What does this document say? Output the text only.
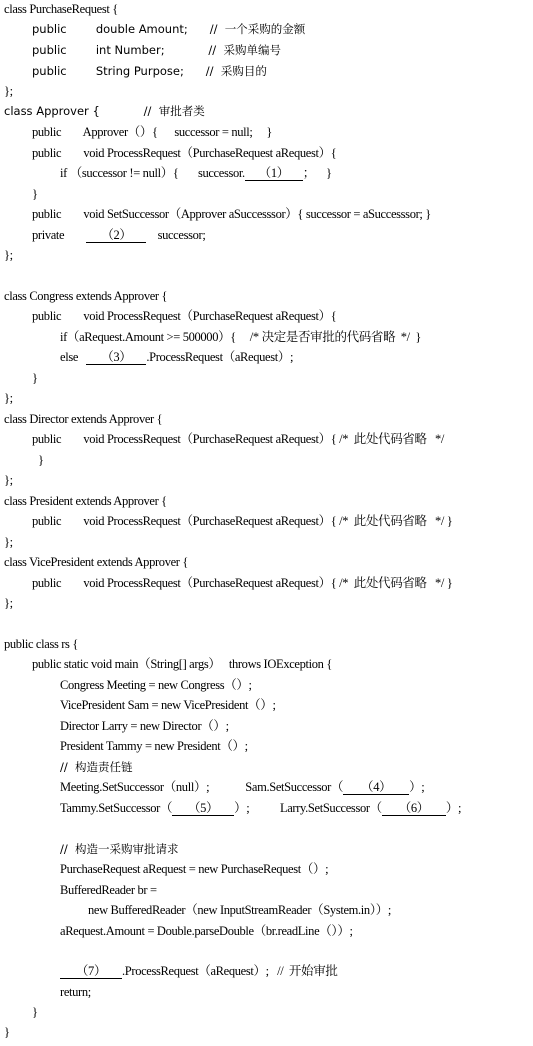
class PurchaseRequest {
public        double Amount;      //  一个采购的金额
public        int Number;            //  采购单编号
public        String Purpose;      //  采购目的
};
class Approver {            //  审批者类
public        Approver（）{      successor = null;     }
public        void ProcessRequest（PurchaseRequest aRequest）{
if （successor != null）{       successor. （1） ；    }
}
public        void SetSuccessor（Approver aSuccesssor）{ successor = aSuccesssor; }
private        （2）    successor;
};
class Congress extends Approver {
public        void ProcessRequest（PurchaseRequest aRequest）{
if（aRequest.Amount >= 500000）{     /* 决定是否审批的代码省略  */  }
else   （3） .ProcessRequest（aRequest）;
}
};
class Director extends Approver {
public        void ProcessRequest（PurchaseRequest aRequest）{ /*  此处代码省略   */
}
};
class President extends Approver {
public        void ProcessRequest（PurchaseRequest aRequest）{ /*  此处代码省略   */ }
};
class VicePresident extends Approver {
public        void ProcessRequest（PurchaseRequest aRequest）{ /*  此处代码省略   */ }
};
public class rs {
public static void main（String[] args）   throws IOException {
Congress Meeting = new Congress（）;
VicePresident Sam = new VicePresident（）;
Director Larry = new Director（）;
President Tammy = new President（）;
//  构造责任链
Meeting.SetSuccessor（null）;             Sam.SetSuccessor（ （4） ）;
Tammy.SetSuccessor（ （5） ）;           Larry.SetSuccessor（ （6） ）;
//  构造一采购审批请求
PurchaseRequest aRequest = new PurchaseRequest（）;
BufferedReader br =
new BufferedReader（new InputStreamReader（System.in））;
aRequest.Amount = Double.parseDouble（br.readLine（））;
（7） .ProcessRequest（aRequest）;   //  开始审批
return;
}
}
